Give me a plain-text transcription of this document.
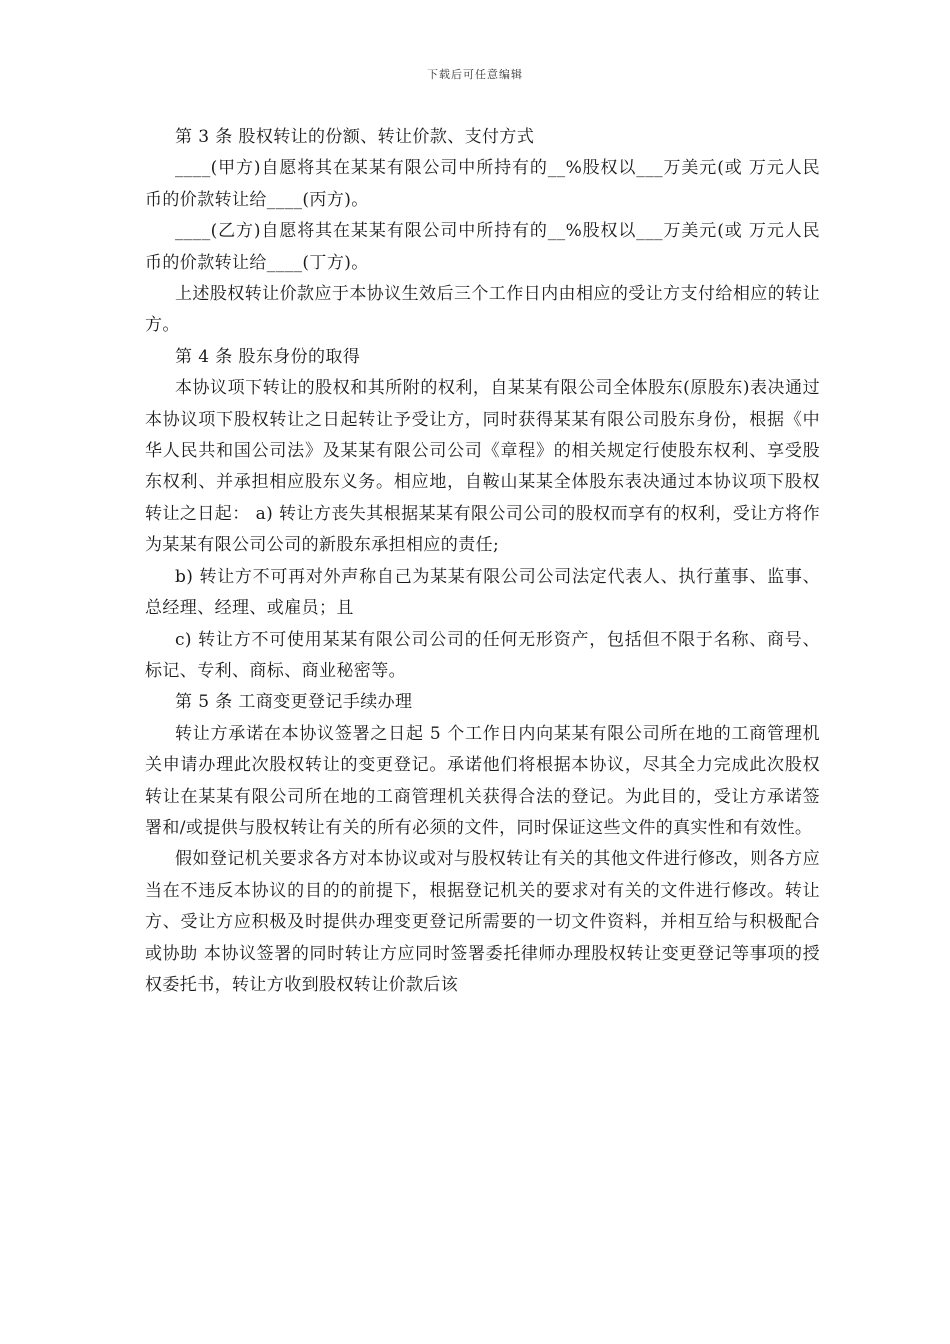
下载后可任意编辑

第 3 条 股权转让的份额、转让价款、支付方式

____(甲方)自愿将其在某某有限公司中所持有的__%股权以___万美元(或 万元人民币的价款转让给____(丙方)。

____(乙方)自愿将其在某某有限公司中所持有的__%股权以___万美元(或 万元人民币的价款转让给____(丁方)。

上述股权转让价款应于本协议生效后三个工作日内由相应的受让方支付给相应的转让方。

第 4 条 股东身份的取得

本协议项下转让的股权和其所附的权利，自某某有限公司全体股东(原股东)表决通过本协议项下股权转让之日起转让予受让方，同时获得某某有限公司股东身份，根据《中华人民共和国公司法》及某某有限公司公司《章程》的相关规定行使股东权利、享受股东权利、并承担相应股东义务。相应地，自鞍山某某全体股东表决通过本协议项下股权转让之日起： a) 转让方丧失其根据某某有限公司公司的股权而享有的权利，受让方将作为某某有限公司公司的新股东承担相应的责任;

b) 转让方不可再对外声称自己为某某有限公司公司法定代表人、执行董事、监事、总经理、经理、或雇员；且

c) 转让方不可使用某某有限公司公司的任何无形资产，包括但不限于名称、商号、标记、专利、商标、商业秘密等。

第 5 条 工商变更登记手续办理

转让方承诺在本协议签署之日起 5 个工作日内向某某有限公司所在地的工商管理机关申请办理此次股权转让的变更登记。承诺他们将根据本协议，尽其全力完成此次股权转让在某某有限公司所在地的工商管理机关获得合法的登记。为此目的，受让方承诺签署和/或提供与股权转让有关的所有必须的文件，同时保证这些文件的真实性和有效性。

假如登记机关要求各方对本协议或对与股权转让有关的其他文件进行修改，则各方应当在不违反本协议的目的的前提下，根据登记机关的要求对有关的文件进行修改。转让方、受让方应积极及时提供办理变更登记所需要的一切文件资料，并相互给与积极配合或协助 本协议签署的同时转让方应同时签署委托律师办理股权转让变更登记等事项的授权委托书，转让方收到股权转让价款后该
